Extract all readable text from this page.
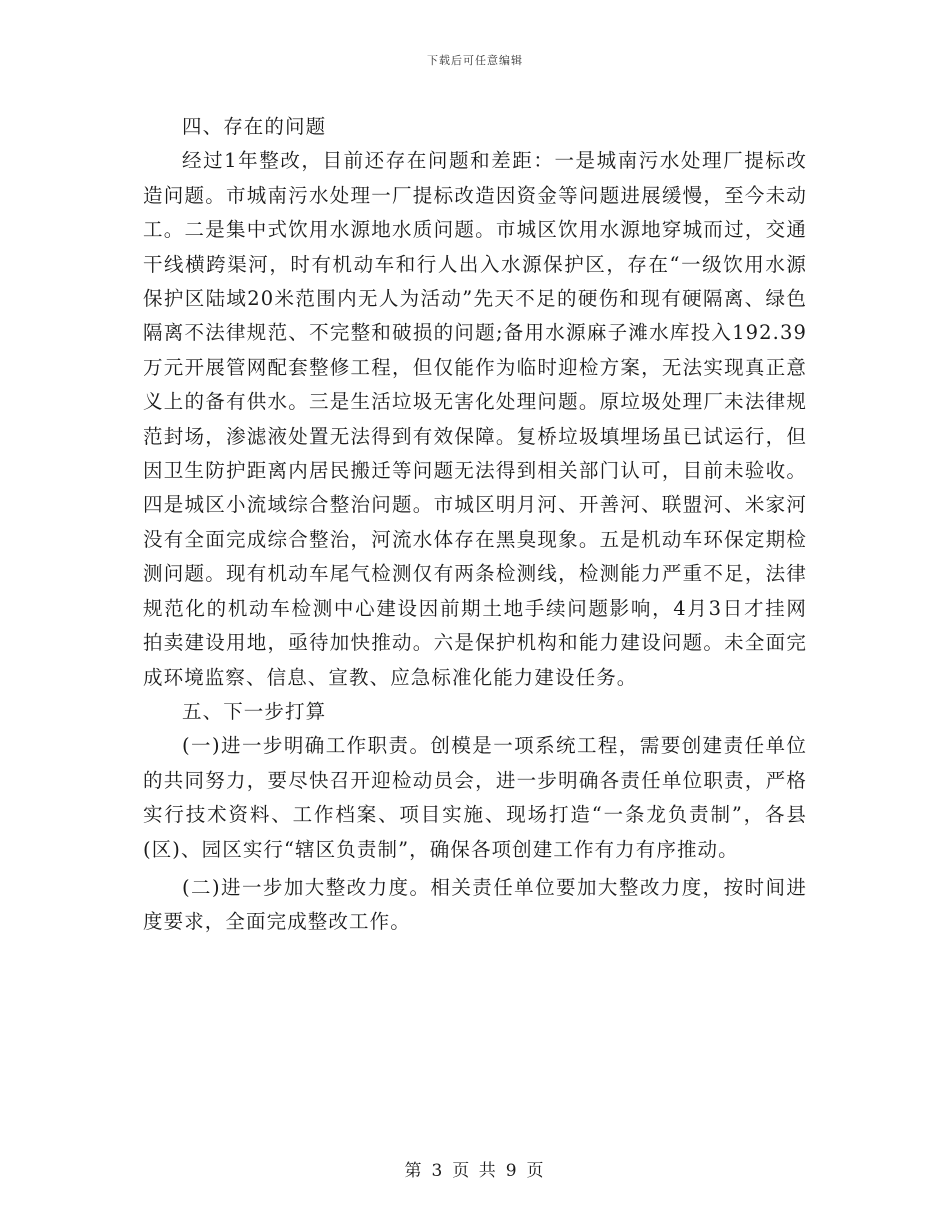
下载后可任意编辑

四、存在的问题

经过1年整改，目前还存在问题和差距：一是城南污水处理厂提标改造问题。市城南污水处理一厂提标改造因资金等问题进展缓慢，至今未动工。二是集中式饮用水源地水质问题。市城区饮用水源地穿城而过，交通干线横跨渠河，时有机动车和行人出入水源保护区，存在“一级饮用水源保护区陆域20米范围内无人为活动”先天不足的硬伤和现有硬隔离、绿色隔离不法律规范、不完整和破损的问题;备用水源麻子滩水库投入192.39万元开展管网配套整修工程，但仅能作为临时迎检方案，无法实现真正意义上的备有供水。三是生活垃圾无害化处理问题。原垃圾处理厂未法律规范封场，渗滤液处置无法得到有效保障。复桥垃圾填埋场虽已试运行，但因卫生防护距离内居民搬迁等问题无法得到相关部门认可，目前未验收。四是城区小流域综合整治问题。市城区明月河、开善河、联盟河、米家河没有全面完成综合整治，河流水体存在黑臭现象。五是机动车环保定期检测问题。现有机动车尾气检测仅有两条检测线，检测能力严重不足，法律规范化的机动车检测中心建设因前期土地手续问题影响，4月3日才挂网拍卖建设用地，亟待加快推动。六是保护机构和能力建设问题。未全面完成环境监察、信息、宣教、应急标准化能力建设任务。

五、下一步打算

(一)进一步明确工作职责。创模是一项系统工程，需要创建责任单位的共同努力，要尽快召开迎检动员会，进一步明确各责任单位职责，严格实行技术资料、工作档案、项目实施、现场打造“一条龙负责制”，各县(区)、园区实行“辖区负责制”，确保各项创建工作有力有序推动。

(二)进一步加大整改力度。相关责任单位要加大整改力度，按时间进度要求，全面完成整改工作。

第 3 页 共 9 页
